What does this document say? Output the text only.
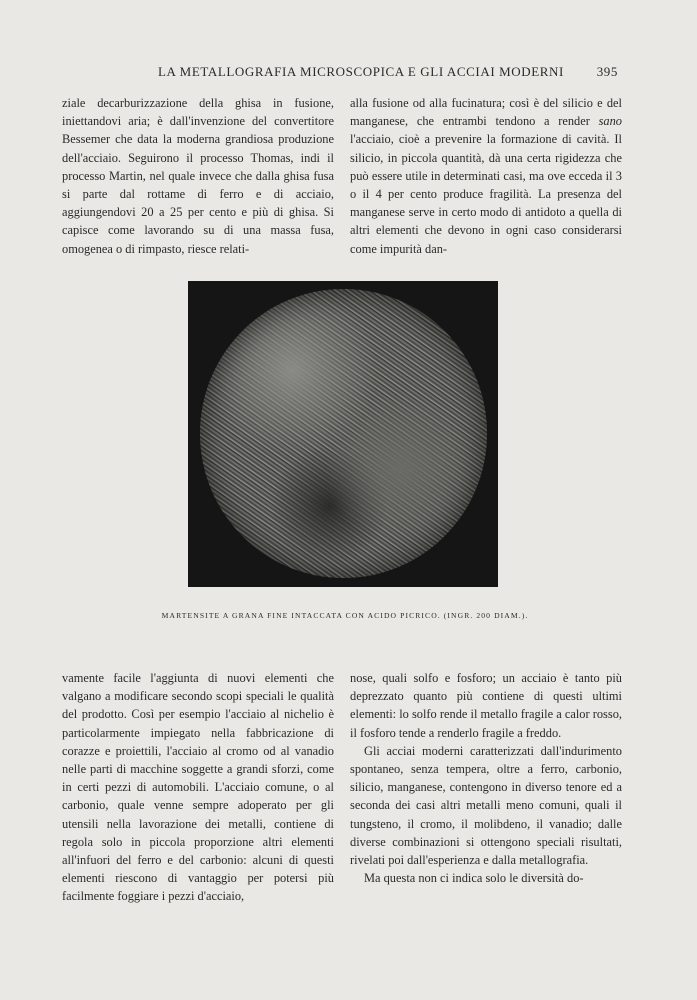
LA METALLOGRAFIA MICROSCOPICA E GLI ACCIAI MODERNI	395

ziale decarburizzazione della ghisa in fusione, iniettandovi aria; è dall'invenzione del convertitore Bessemer che data la moderna grandiosa produzione dell'acciaio. Seguirono il processo Thomas, indi il processo Martin, nel quale invece che dalla ghisa fusa si parte dal rottame di ferro e di acciaio, aggiungendovi 20 a 25 per cento e più di ghisa. Si capisce come lavorando su di una massa fusa, omogenea o di rimpasto, riesce relati-

alla fusione od alla fucinatura; così è del silicio e del manganese, che entrambi tendono a render sano l'acciaio, cioè a prevenire la formazione di cavità. Il silicio, in piccola quantità, dà una certa rigidezza che può essere utile in determinati casi, ma ove ecceda il 3 o il 4 per cento produce fragilità. La presenza del manganese serve in certo modo di antidoto a quella di altri elementi che devono in ogni caso considerarsi come impurità dan-

MARTENSITE A GRANA FINE INTACCATA CON ACIDO PICRICO. (INGR. 200 DIAM.).

vamente facile l'aggiunta di nuovi elementi che valgano a modificare secondo scopi speciali le qualità del prodotto. Così per esempio l'acciaio al nichelio è particolarmente impiegato nella fabbricazione di corazze e proiettili, l'acciaio al cromo od al vanadio nelle parti di macchine soggette a grandi sforzi, come in certi pezzi di automobili. L'acciaio comune, o al carbonio, quale venne sempre adoperato per gli utensili nella lavorazione dei metalli, contiene di regola solo in piccola proporzione altri elementi all'infuori del ferro e del carbonio: alcuni di questi elementi riescono di vantaggio per potersi più facilmente foggiare i pezzi d'acciaio,

nose, quali solfo e fosforo; un acciaio è tanto più deprezzato quanto più contiene di questi ultimi elementi: lo solfo rende il metallo fragile a calor rosso, il fosforo tende a renderlo fragile a freddo.

Gli acciai moderni caratterizzati dall'indurimento spontaneo, senza tempera, oltre a ferro, carbonio, silicio, manganese, contengono in diverso tenore ed a seconda dei casi altri metalli meno comuni, quali il tungsteno, il cromo, il molibdeno, il vanadio; dalle diverse combinazioni si ottengono speciali risultati, rivelati poi dall'esperienza e dalla metallografia.

Ma questa non ci indica solo le diversità do-
